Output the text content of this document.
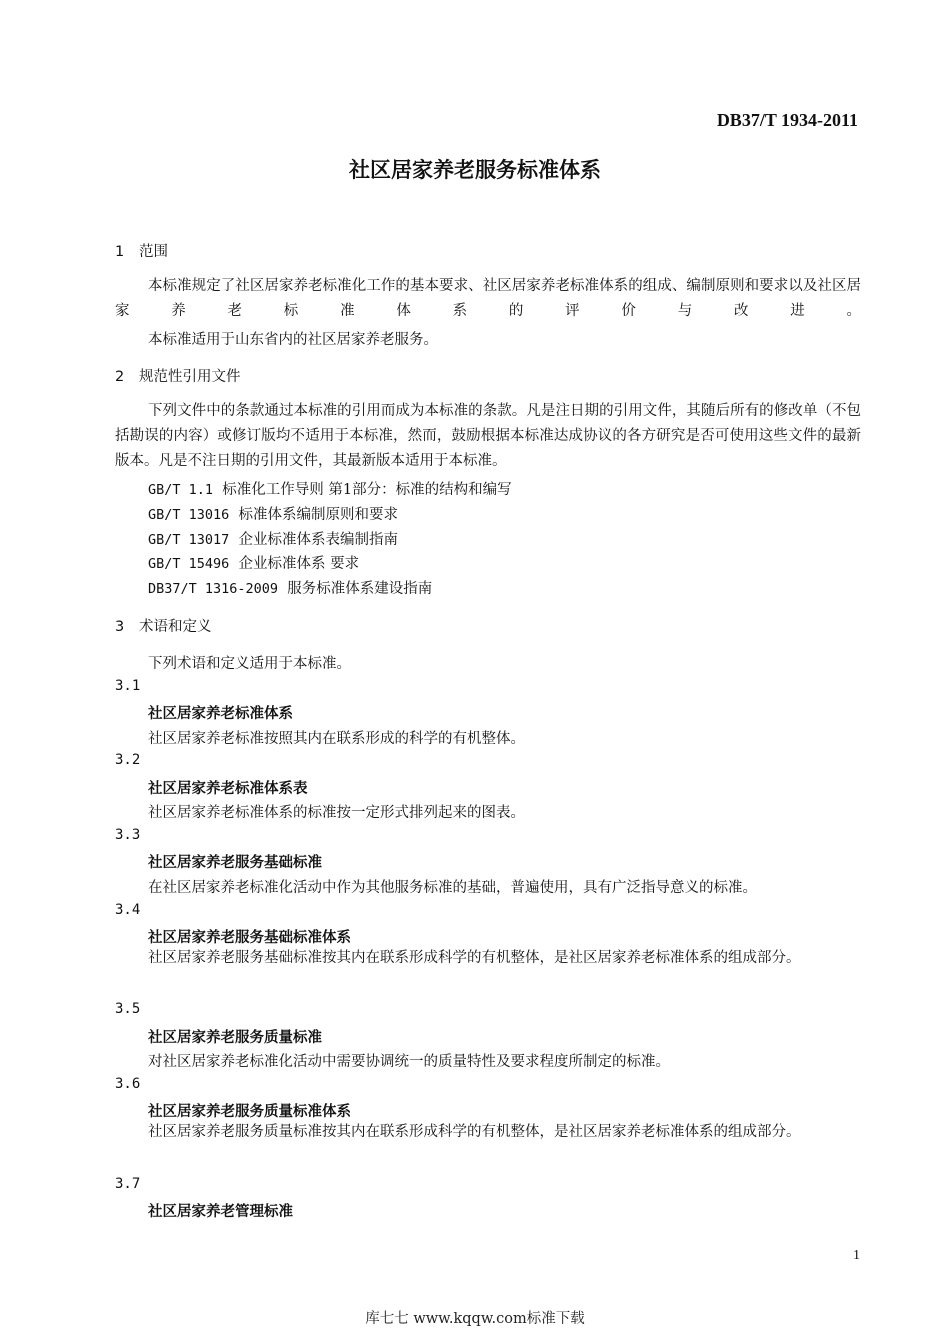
DB37/T 1934-2011
社区居家养老服务标准体系
1 范围

本标准规定了社区居家养老标准化工作的基本要求、社区居家养老标准体系的组成、编制原则和要求以及社区居家养老标准体系的评价与改进。

本标准适用于山东省内的社区居家养老服务。

2 规范性引用文件

下列文件中的条款通过本标准的引用而成为本标准的条款。凡是注日期的引用文件，其随后所有的修改单（不包括勘误的内容）或修订版均不适用于本标准，然而，鼓励根据本标准达成协议的各方研究是否可使用这些文件的最新版本。凡是不注日期的引用文件，其最新版本适用于本标准。

GB/T 1.1 标准化工作导则 第1部分：标准的结构和编写
GB/T 13016 标准体系编制原则和要求
GB/T 13017 企业标准体系表编制指南
GB/T 15496 企业标准体系 要求
DB37/T 1316-2009 服务标准体系建设指南
3 术语和定义

下列术语和定义适用于本标准。

3.1
社区居家养老标准体系
社区居家养老标准按照其内在联系形成的科学的有机整体。
3.2
社区居家养老标准体系表
社区居家养老标准体系的标准按一定形式排列起来的图表。
3.3
社区居家养老服务基础标准
在社区居家养老标准化活动中作为其他服务标准的基础，普遍使用，具有广泛指导意义的标准。
3.4
社区居家养老服务基础标准体系

社区居家养老服务基础标准按其内在联系形成科学的有机整体，是社区居家养老标准体系的组成部分。

3.5
社区居家养老服务质量标准
对社区居家养老标准化活动中需要协调统一的质量特性及要求程度所制定的标准。
3.6
社区居家养老服务质量标准体系

社区居家养老服务质量标准按其内在联系形成科学的有机整体，是社区居家养老标准体系的组成部分。

3.7
社区居家养老管理标准
1
库七七 www.kqqw.com标准下载
